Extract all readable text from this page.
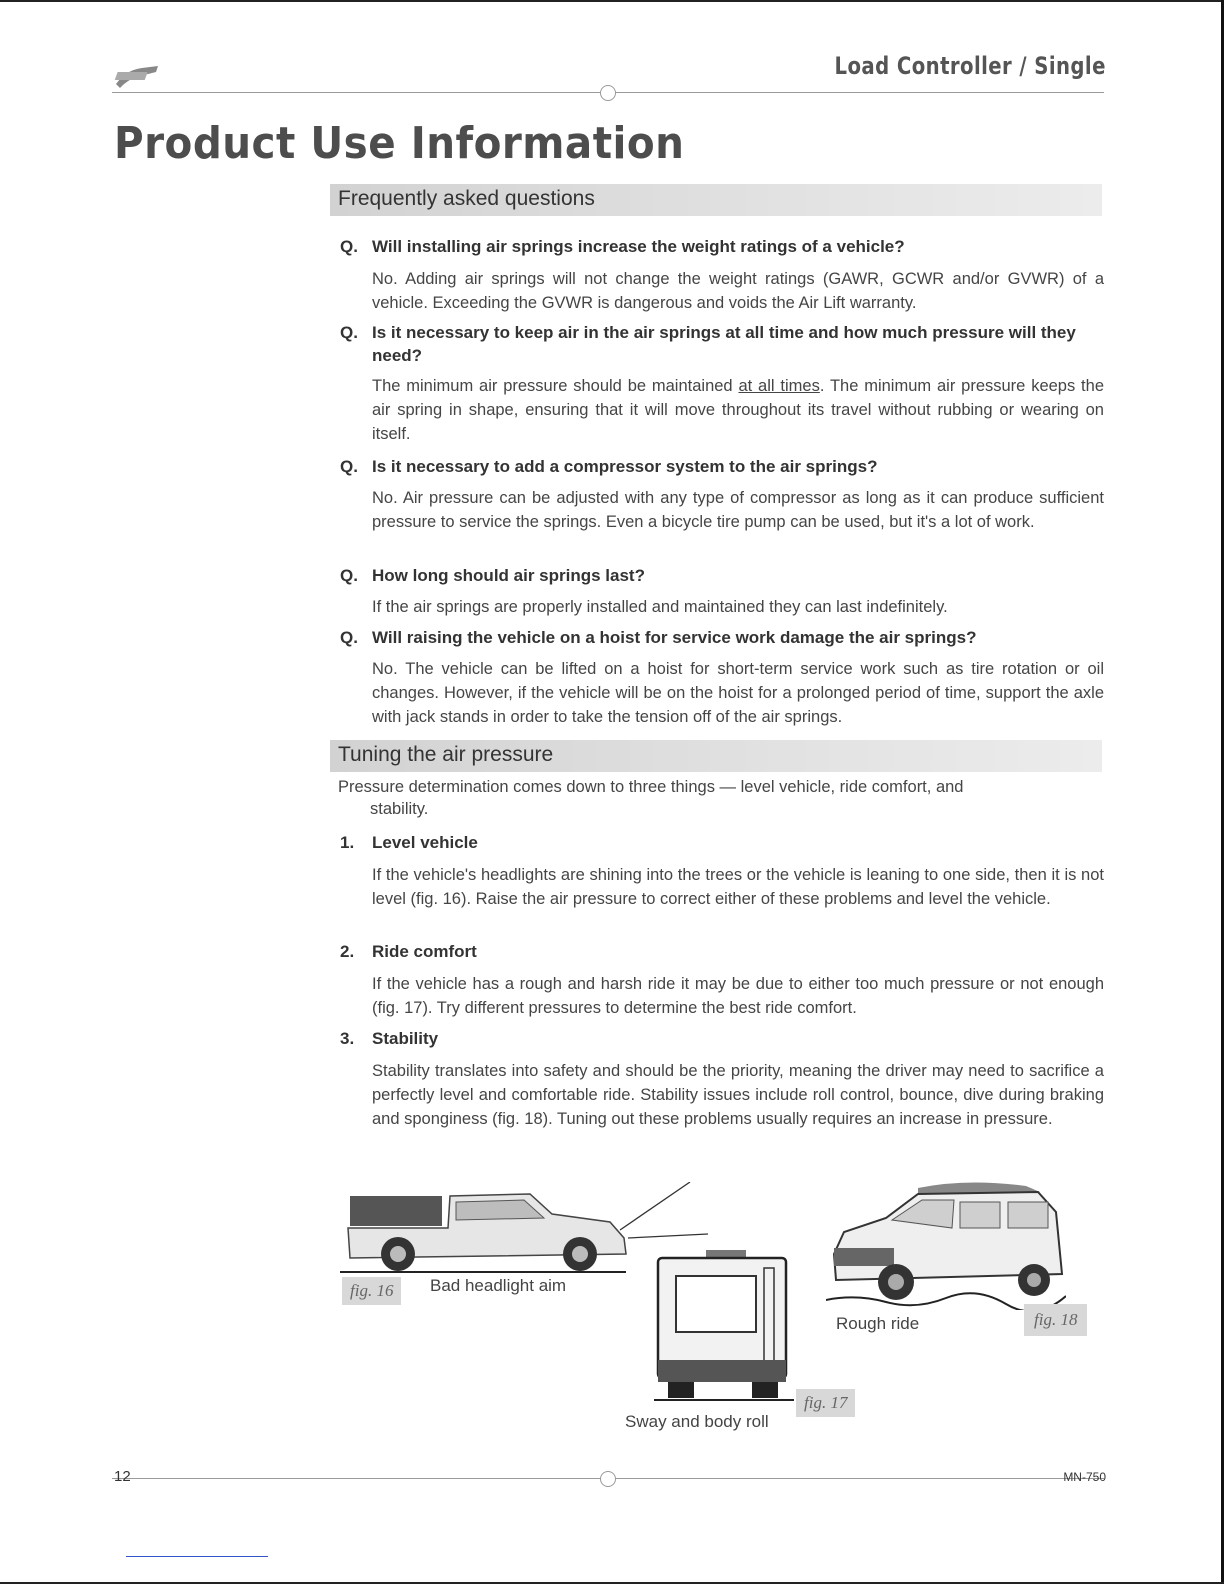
Load Controller / Single
Product Use Information
Frequently asked questions
Q. Will installing air springs increase the weight ratings of a vehicle?
No. Adding air springs will not change the weight ratings (GAWR, GCWR and/or GVWR) of a vehicle. Exceeding the GVWR is dangerous and voids the Air Lift warranty.
Q. Is it necessary to keep air in the air springs at all time and how much pressure will they need?
The minimum air pressure should be maintained at all times. The minimum air pressure keeps the air spring in shape, ensuring that it will move throughout its travel without rubbing or wearing on itself.
Q. Is it necessary to add a compressor system to the air springs?
No. Air pressure can be adjusted with any type of compressor as long as it can produce sufficient pressure to service the springs. Even a bicycle tire pump can be used, but it's a lot of work.
Q. How long should air springs last?
If the air springs are properly installed and maintained they can last indefinitely.
Q. Will raising the vehicle on a hoist for service work damage the air springs?
No. The vehicle can be lifted on a hoist for short-term service work such as tire rotation or oil changes. However, if the vehicle will be on the hoist for a prolonged period of time, support the axle with jack stands in order to take the tension off of the air springs.
Tuning the air pressure
Pressure determination comes down to three things — level vehicle, ride comfort, and
stability.
1.	Level vehicle
If the vehicle's headlights are shining into the trees or the vehicle is leaning to one side, then it is not level (fig. 16). Raise the air pressure to correct either of these problems and level the vehicle.
2.	Ride comfort
If the vehicle has a rough and harsh ride it may be due to either too much pressure or not enough (fig. 17). Try different pressures to determine the best ride comfort.
3.	Stability
Stability translates into safety and should be the priority, meaning the driver may need to sacrifice a perfectly level and comfortable ride. Stability issues include roll control, bounce, dive during braking and sponginess (fig. 18). Tuning out these problems usually requires an increase in pressure.
fig. 16	Bad headlight aim
Sway and body roll
fig. 17
Rough ride	fig. 18
12	MN-750
